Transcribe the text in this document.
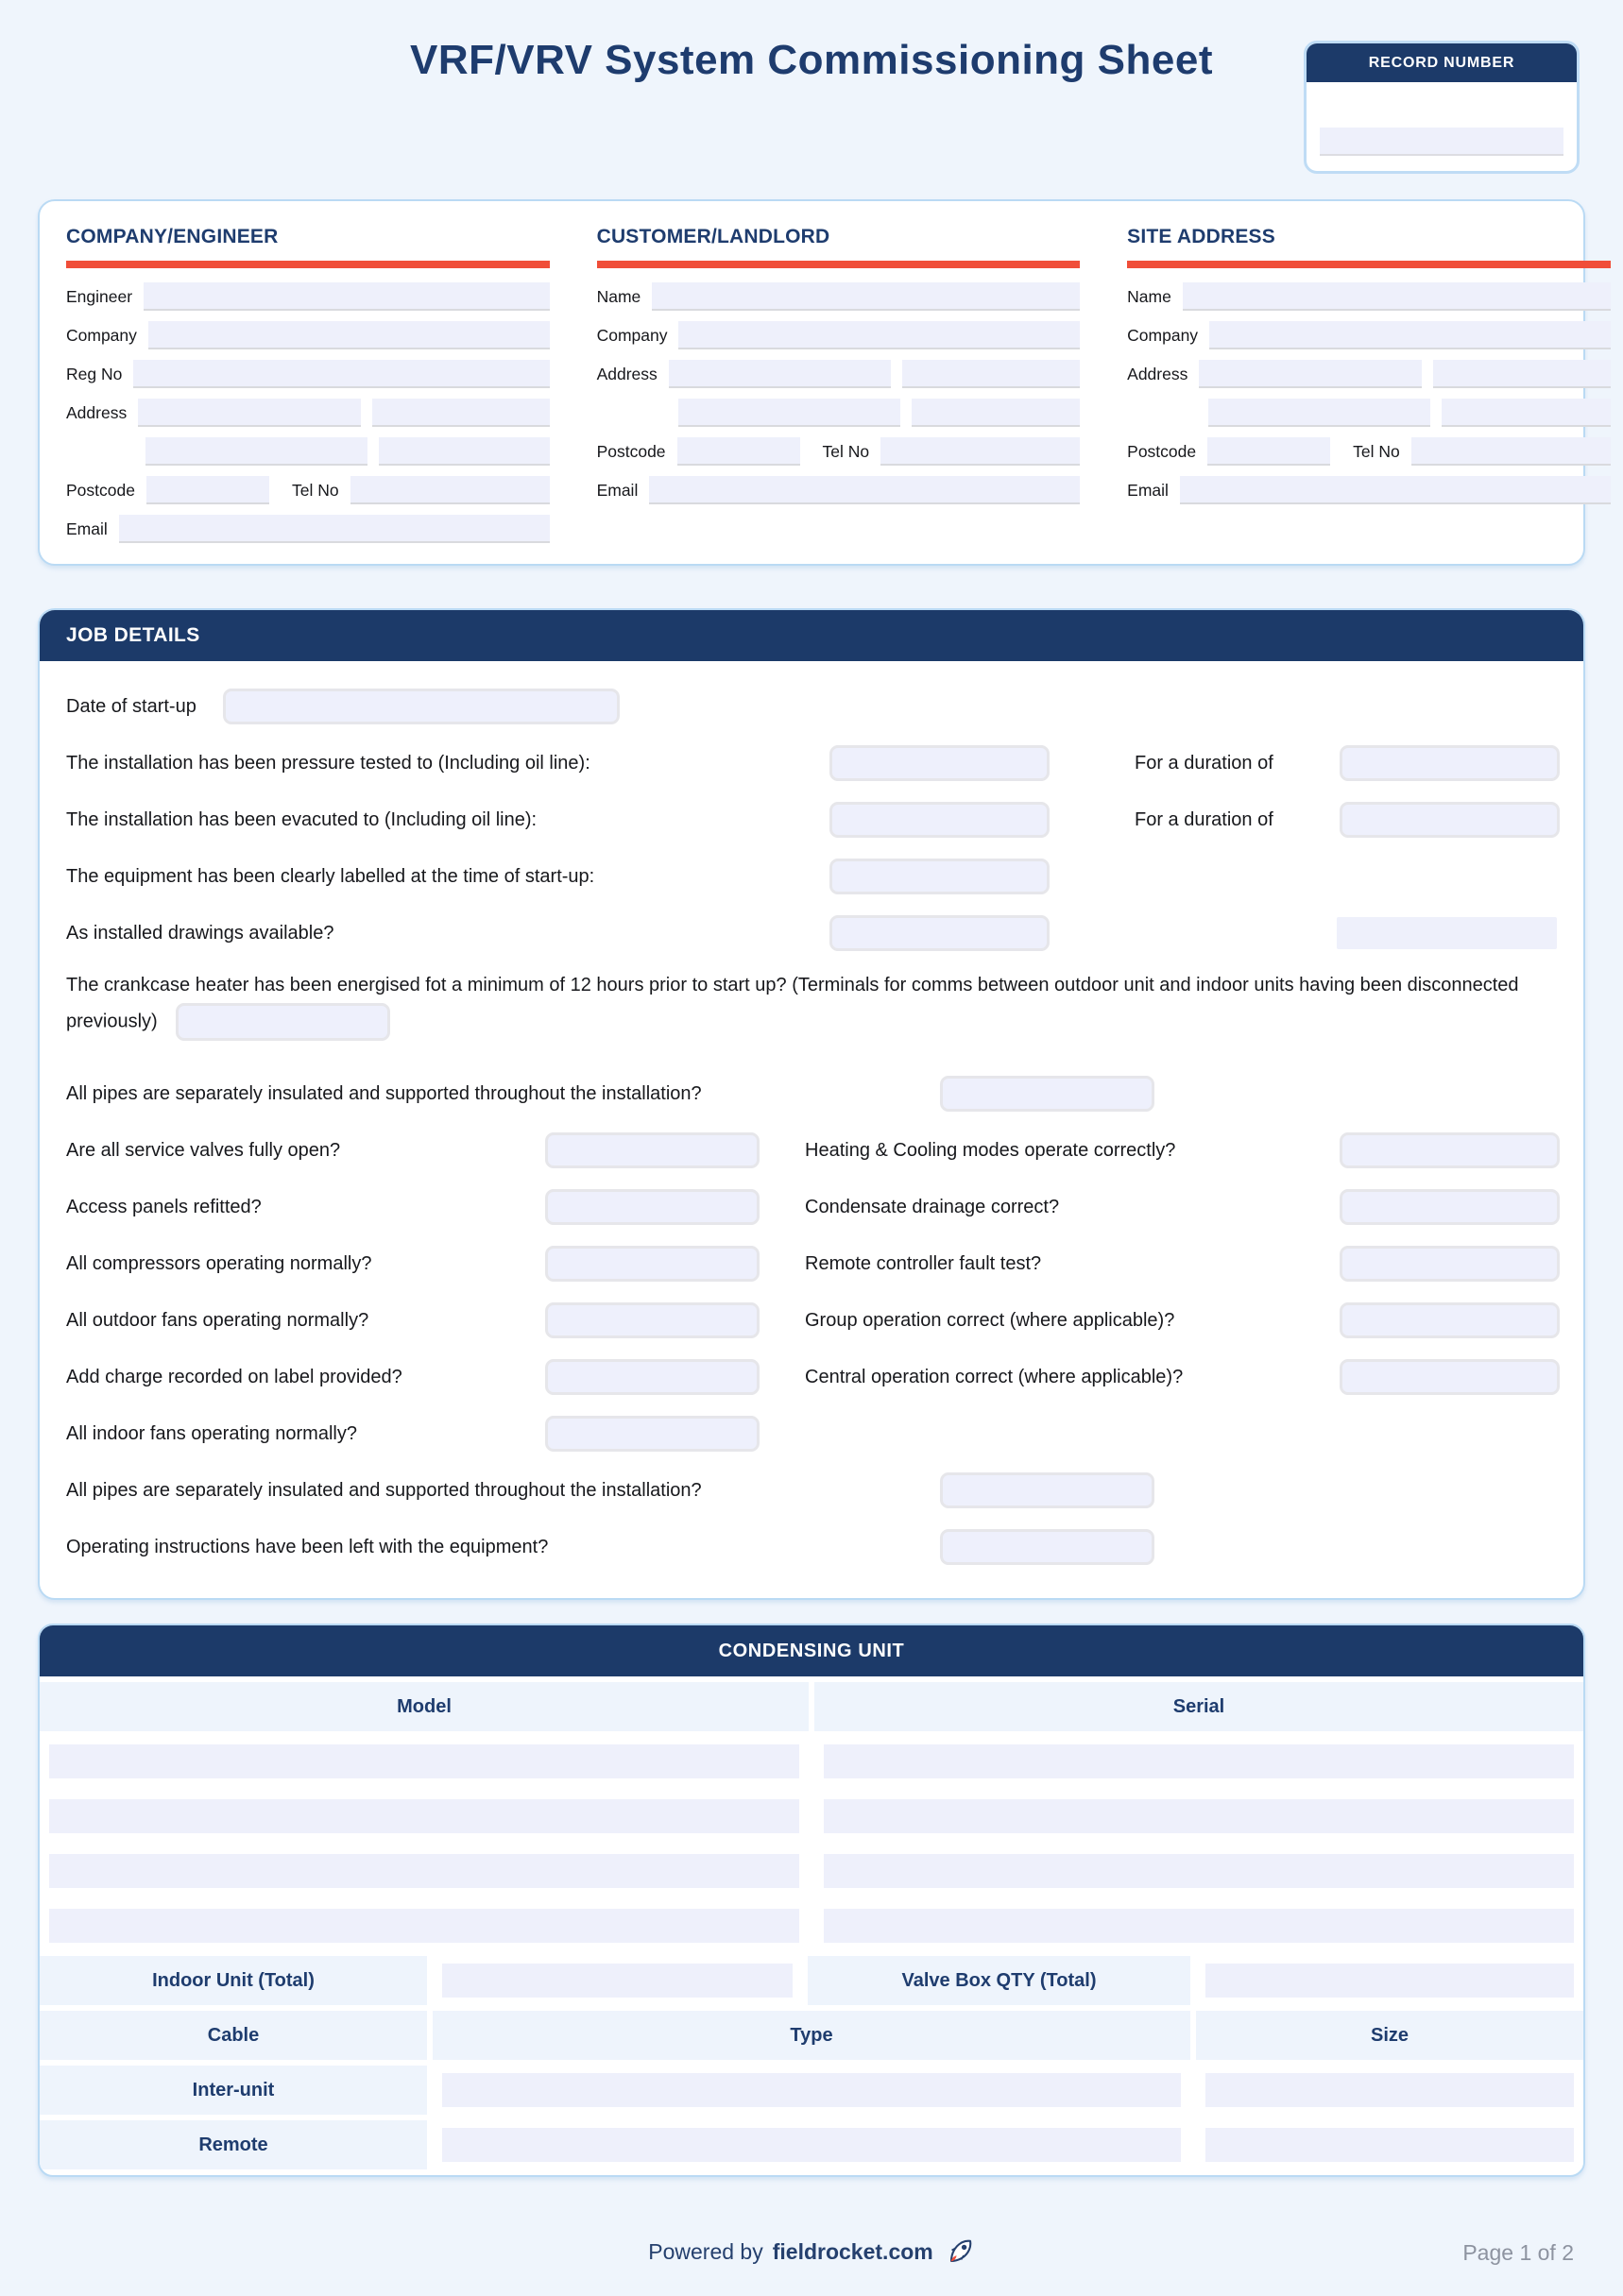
VRF/VRV System Commissioning Sheet	RECORD NUMBER
COMPANY/ENGINEER
Engineer
Company
Reg No
Address
Postcode	Tel No
Email
CUSTOMER/LANDLORD
Name
Company
Address
Postcode	Tel No
Email
SITE ADDRESS
Name
Company
Address
Postcode	Tel No
Email
JOB DETAILS
Date of start-up
The installation has been pressure tested to (Including oil line):	For a duration of
The installation has been evacuted to (Including oil line):	For a duration of
The equipment has been clearly labelled at the time of start-up:
As installed drawings available?
The crankcase heater has been energised fot a minimum of 12 hours prior to start up? (Terminals for comms between outdoor unit and indoor units having been disconnected previously)
All pipes are separately insulated and supported throughout the installation?
Are all service valves fully open?	Heating & Cooling modes operate correctly?
Access panels refitted?	Condensate drainage correct?
All compressors operating normally?	Remote controller fault test?
All outdoor fans operating normally?	Group operation correct (where applicable)?
Add charge recorded on label provided?	Central operation correct (where applicable)?
All indoor fans operating normally?
All pipes are separately insulated and supported throughout the installation?
Operating instructions have been left with the equipment?
CONDENSING UNIT
Model	Serial
Indoor Unit (Total)	Valve Box QTY (Total)
Cable	Type	Size
Inter-unit
Remote
Powered by fieldrocket.com	Page 1 of 2
